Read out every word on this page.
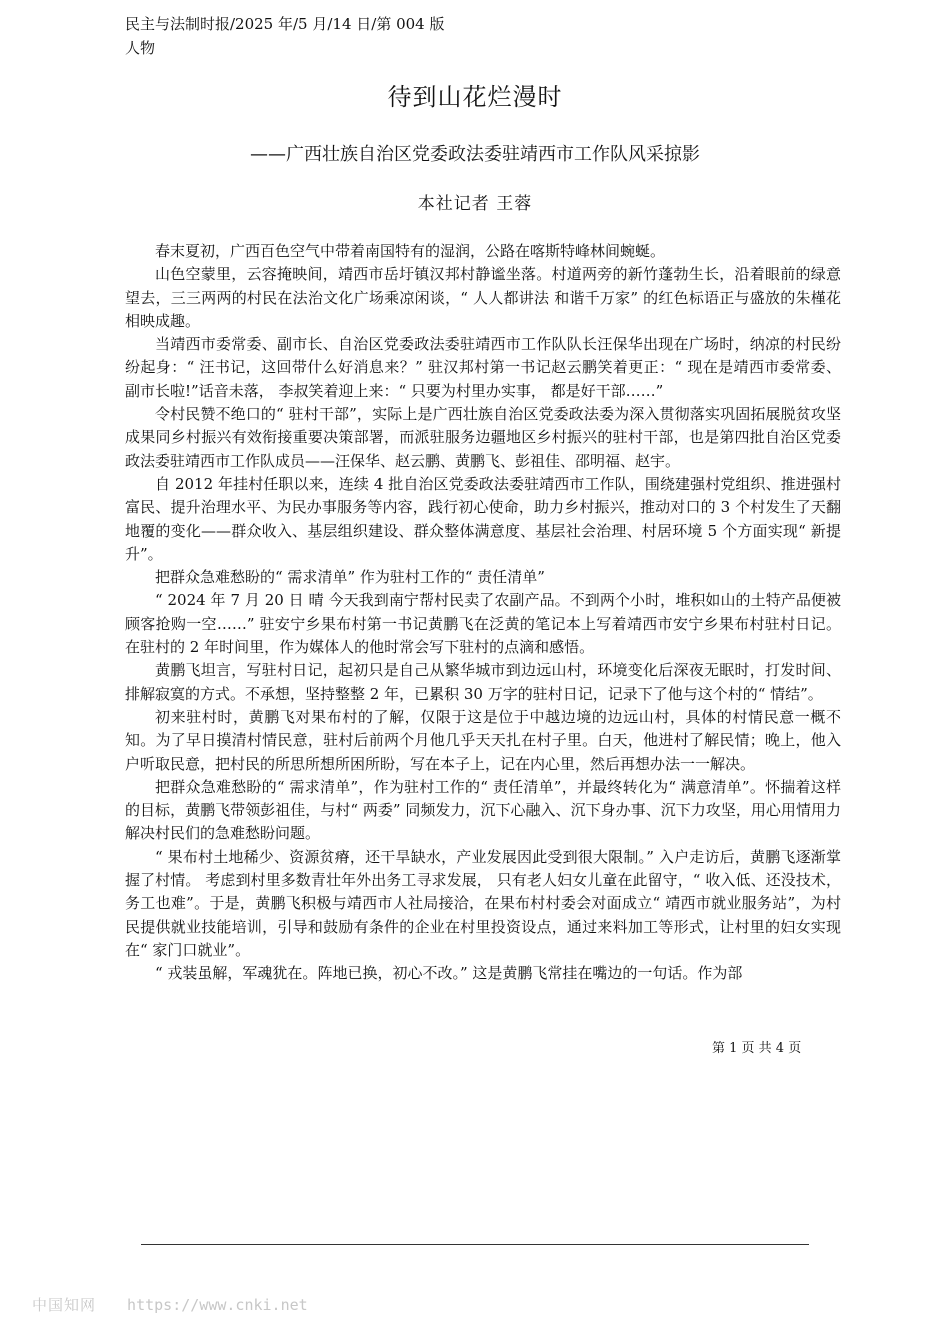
民主与法制时报/2025 年/5 月/14 日/第 004 版人物
待到山花烂漫时
——广西壮族自治区党委政法委驻靖西市工作队风采掠影
本社记者 王蓉

春末夏初，广西百色空气中带着南国特有的湿润，公路在喀斯特峰林间蜿蜒。

山色空蒙里，云容掩映间，靖西市岳圩镇汉邦村静谧坐落。村道两旁的新竹蓬勃生长，沿着眼前的绿意望去，三三两两的村民在法治文化广场乘凉闲谈，“ 人人都讲法 和谐千万家” 的红色标语正与盛放的朱槿花相映成趣。

当靖西市委常委、副市长、自治区党委政法委驻靖西市工作队队长汪保华出现在广场时，纳凉的村民纷纷起身：“ 汪书记，这回带什么好消息来？” 驻汉邦村第一书记赵云鹏笑着更正：“ 现在是靖西市委常委、 副市长啦!”话音未落， 李叔笑着迎上来：“ 只要为村里办实事， 都是好干部……”

令村民赞不绝口的“ 驻村干部”，实际上是广西壮族自治区党委政法委为深入贯彻落实巩固拓展脱贫攻坚成果同乡村振兴有效衔接重要决策部署，而派驻服务边疆地区乡村振兴的驻村干部，也是第四批自治区党委政法委驻靖西市工作队成员——汪保华、赵云鹏、黄鹏飞、彭祖佳、邵明福、赵宇。

自 2012 年挂村任职以来，连续 4 批自治区党委政法委驻靖西市工作队，围绕建强村党组织、推进强村富民、提升治理水平、为民办事服务等内容，践行初心使命，助力乡村振兴，推动对口的 3 个村发生了天翻地覆的变化——群众收入、基层组织建设、群众整体满意度、基层社会治理、村居环境 5 个方面实现“ 新提升”。

把群众急难愁盼的“ 需求清单” 作为驻村工作的“ 责任清单”

“ 2024 年 7 月 20 日 晴 今天我到南宁帮村民卖了农副产品。不到两个小时，堆积如山的土特产品便被顾客抢购一空……” 驻安宁乡果布村第一书记黄鹏飞在泛黄的笔记本上写着靖西市安宁乡果布村驻村日记。在驻村的 2 年时间里，作为媒体人的他时常会写下驻村的点滴和感悟。

黄鹏飞坦言，写驻村日记，起初只是自己从繁华城市到边远山村，环境变化后深夜无眠时，打发时间、排解寂寞的方式。不承想，坚持整整 2 年，已累积 30 万字的驻村日记，记录下了他与这个村的“ 情结”。

初来驻村时，黄鹏飞对果布村的了解，仅限于这是位于中越边境的边远山村，具体的村情民意一概不知。为了早日摸清村情民意，驻村后前两个月他几乎天天扎在村子里。白天，他进村了解民情；晚上，他入户听取民意，把村民的所思所想所困所盼，写在本子上，记在内心里，然后再想办法一一解决。

把群众急难愁盼的“ 需求清单”，作为驻村工作的“ 责任清单”，并最终转化为“ 满意清单”。怀揣着这样的目标，黄鹏飞带领彭祖佳，与村“ 两委” 同频发力，沉下心融入、沉下身办事、沉下力攻坚，用心用情用力解决村民们的急难愁盼问题。

“ 果布村土地稀少、资源贫瘠，还干旱缺水，产业发展因此受到很大限制。” 入户走访后，黄鹏飞逐渐掌握了村情。 考虑到村里多数青壮年外出务工寻求发展， 只有老人妇女儿童在此留守，“ 收入低、还没技术，务工也难”。于是，黄鹏飞积极与靖西市人社局接洽，在果布村村委会对面成立“ 靖西市就业服务站”，为村民提供就业技能培训，引导和鼓励有条件的企业在村里投资设点，通过来料加工等形式，让村里的妇女实现在“ 家门口就业”。

“ 戎装虽解，军魂犹在。阵地已换，初心不改。” 这是黄鹏飞常挂在嘴边的一句话。作为部

第 1 页 共 4 页
中国知网 https://www.cnki.net
